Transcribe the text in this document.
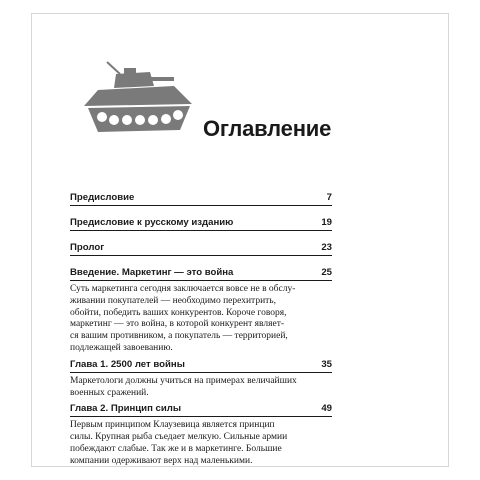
Оглавление
Предисловие	7
Предисловие к русскому изданию	19
Пролог	23
Введение. Маркетинг — это война	25

Суть маркетинга сегодня заключается вовсе не в обслу-
живании покупателей — необходимо перехитрить,
обойти, победить ваших конкурентов. Короче говоря,
маркетинг — это война, в которой конкурент являет-
ся вашим противником, а покупатель — территорией,
подлежащей завоеванию.

Глава 1. 2500 лет войны	35

Маркетологи должны учиться на примерах величайших
военных сражений.

Глава 2. Принцип силы	49

Первым принципом Клаузевица является принцип
силы. Крупная рыба съедает мелкую. Сильные армии
побеждают слабые. Так же и в маркетинге. Большие
компании одерживают верх над маленькими.
